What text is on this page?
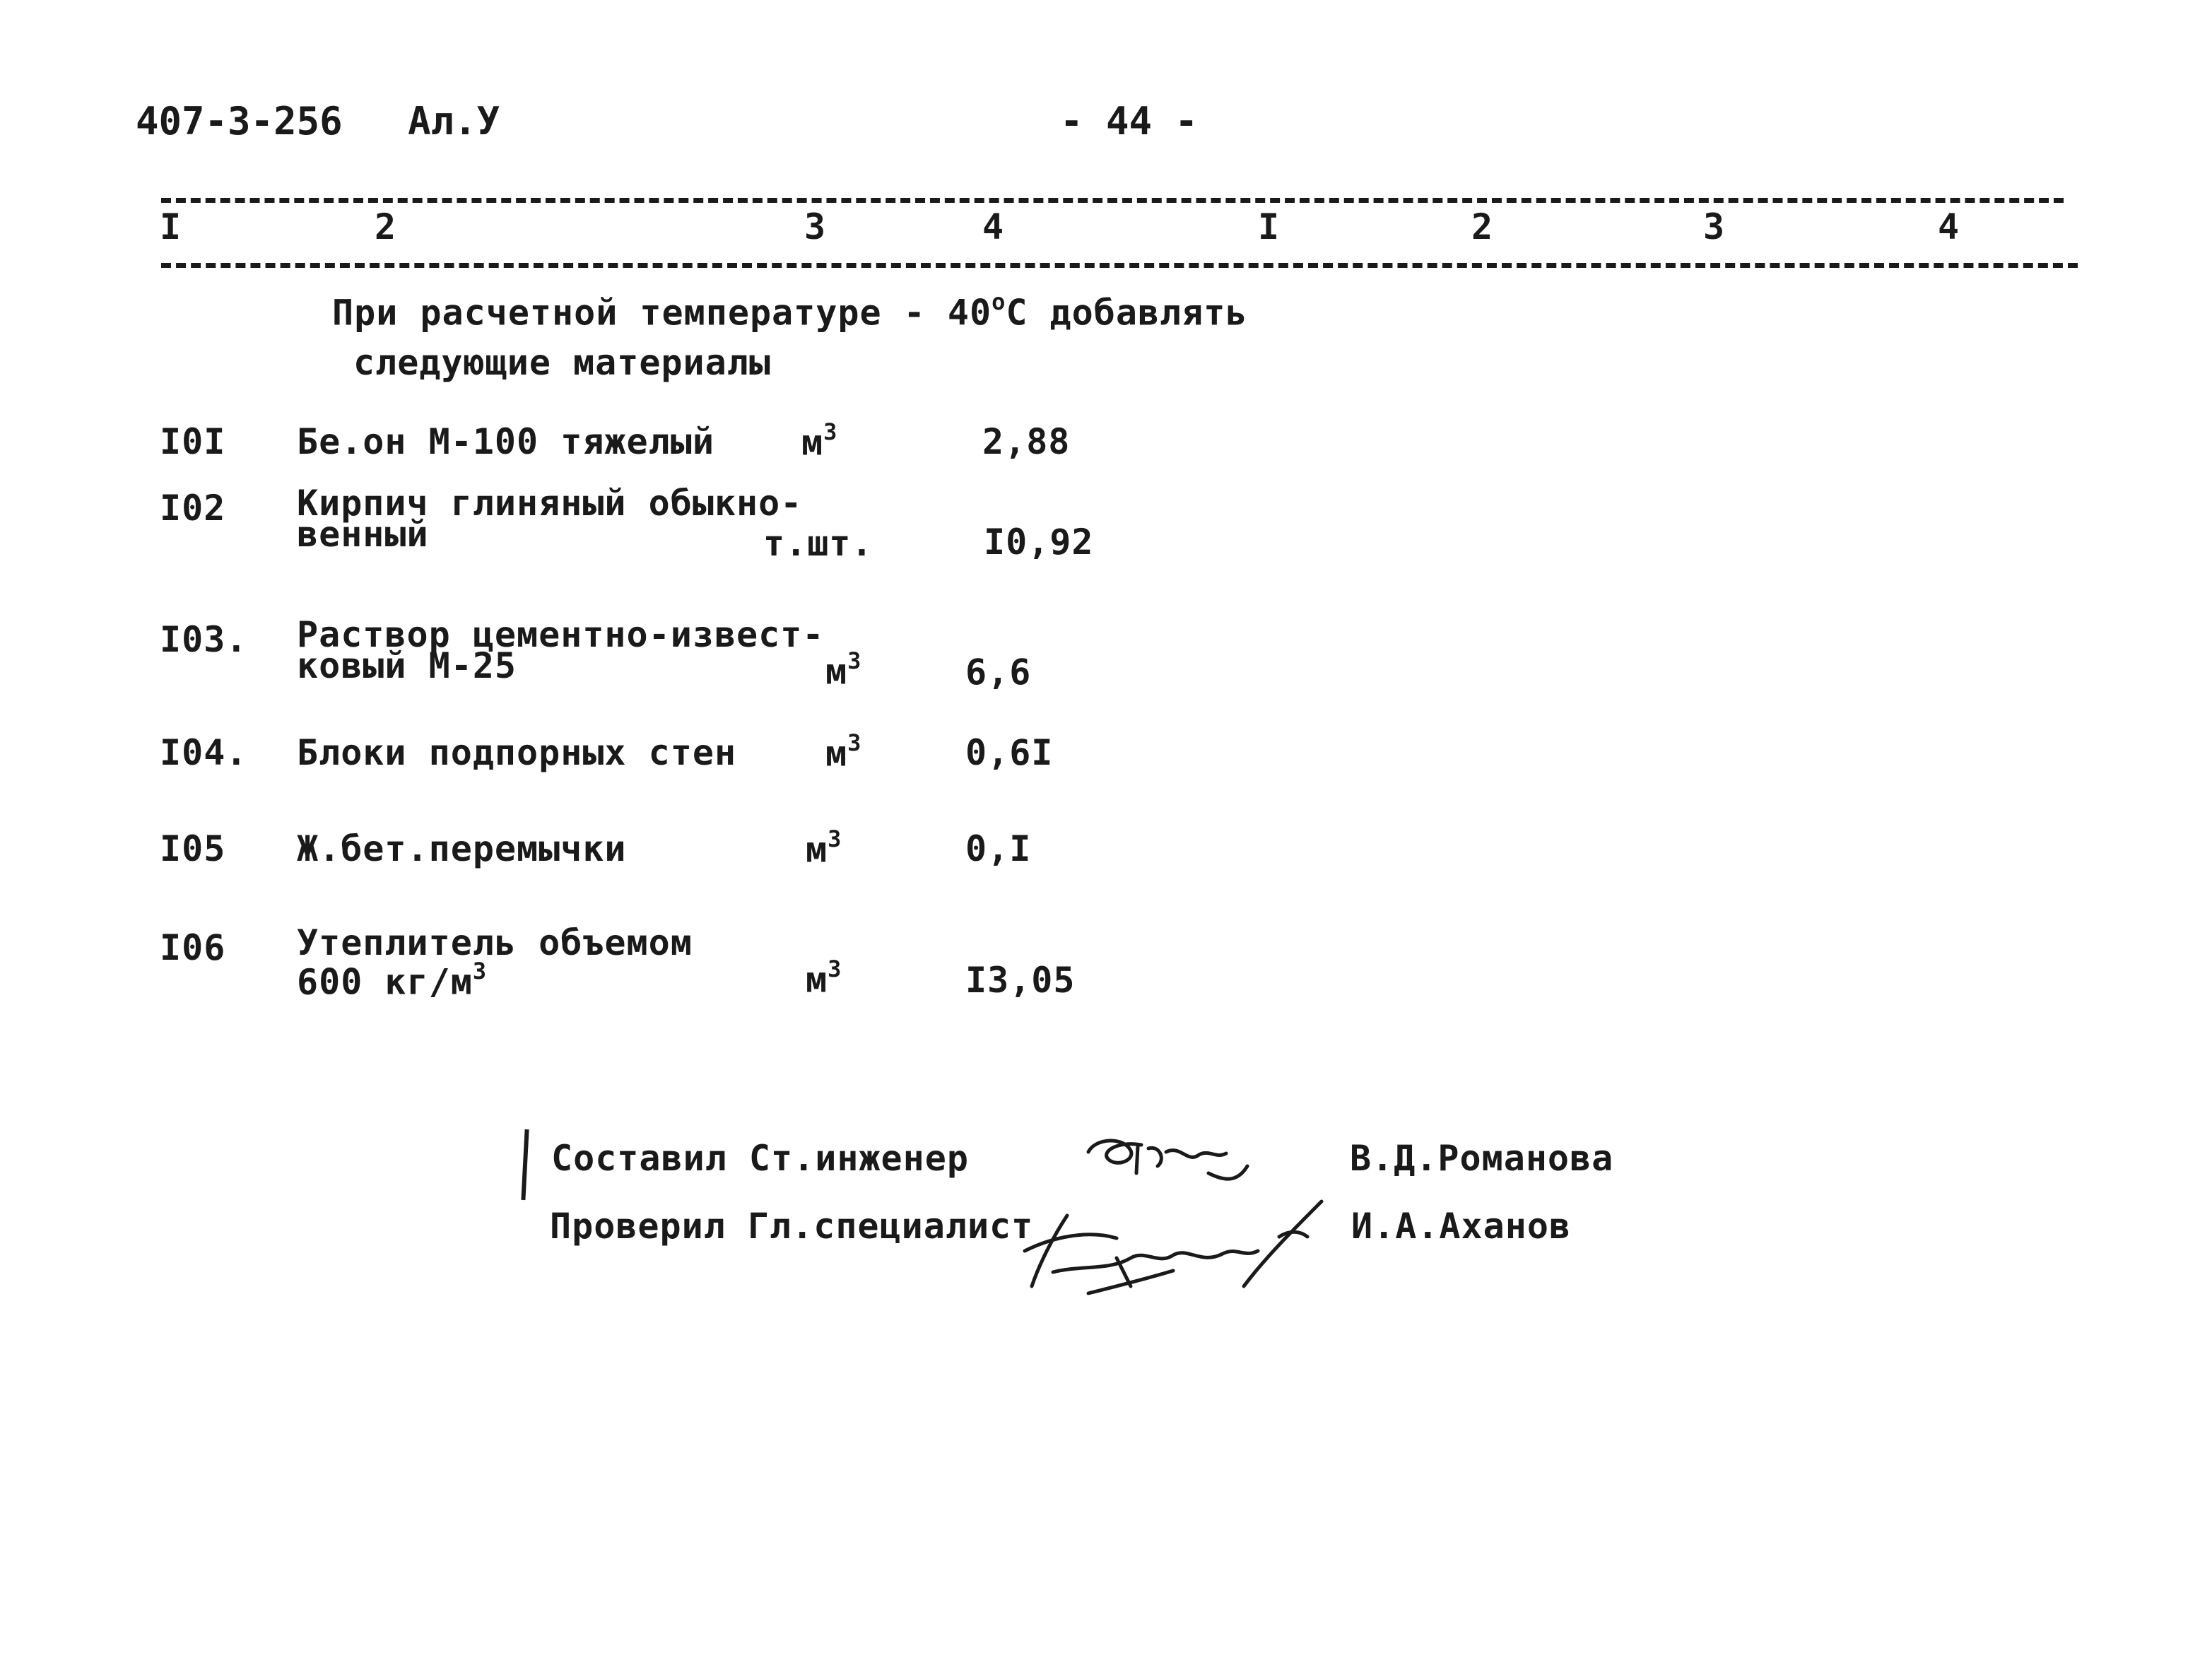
407-3-256 Ал.У	- 44 -
I	2	3	4	I	2	3	4
При расчетной температуре - $40^оС$ добавлять
следующие материалы
I0I Бе.он М-100 тяжелый $м^3$	2,88
I02 Кирпич глиняный обыкно-
венный	т.шт.	I0,92
I03. Раствор цементно-извест-
ковый М-25	$м^3$	6,6
I04. Блоки подпорных стен	$м^3$	0,6I
I05 Ж.бет.перемычки	$м^3$	0,I
I06 Утеплитель объемом
600 $кг/м^3$	$м^3$	I3,05
Составил Ст.инженер	В.Д.Романова
Проверил Гл.специалист	И.А.Аханов
